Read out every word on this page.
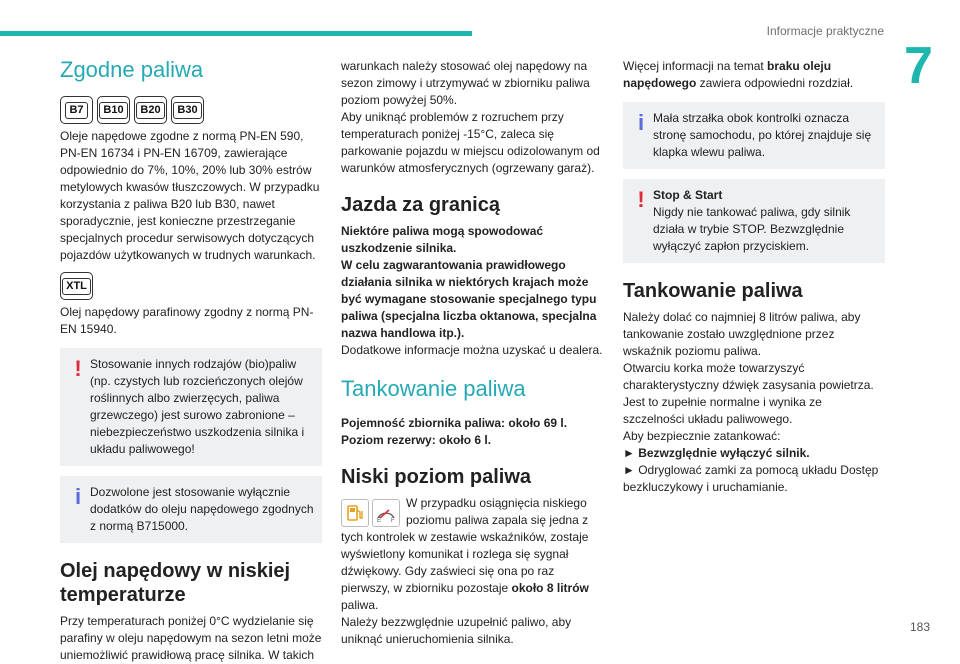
Informacje praktyczne
7
Zgodne paliwa
B7	B10	B20	B30

Oleje napędowe zgodne z normą PN-EN 590, PN-EN 16734 i PN-EN 16709, zawierające odpowiednio do 7%, 10%, 20% lub 30% estrów metylowych kwasów tłuszczowych. W przypadku korzystania z paliwa B20 lub B30, nawet sporadycznie, jest konieczne przestrzeganie specjalnych procedur serwisowych dotyczących pojazdów użytkowanych w trudnych warunkach.

XTL

Olej napędowy parafinowy zgodny z normą PN-EN 15940.

! Stosowanie innych rodzajów (bio)paliw (np. czystych lub rozcieńczonych olejów roślinnych albo zwierzęcych, paliwa grzewczego) jest surowo zabronione – niebezpieczeństwo uszkodzenia silnika i układu paliwowego!

i Dozwolone jest stosowanie wyłącznie dodatków do oleju napędowego zgodnych z normą B715000.

Olej napędowy w niskiej temperaturze

Przy temperaturach poniżej 0°C wydzielanie się parafiny w oleju napędowym na sezon letni może uniemożliwić prawidłową pracę silnika. W takich

warunkach należy stosować olej napędowy na sezon zimowy i utrzymywać w zbiorniku paliwa poziom powyżej 50%.

Aby uniknąć problemów z rozruchem przy temperaturach poniżej -15°C, zaleca się parkowanie pojazdu w miejscu odizolowanym od warunków atmosferycznych (ogrzewany garaż).

Jazda za granicą

Niektóre paliwa mogą spowodować uszkodzenie silnika.

W celu zagwarantowania prawidłowego działania silnika w niektórych krajach może być wymagane stosowanie specjalnego typu paliwa (specjalna liczba oktanowa, specjalna nazwa handlowa itp.).

Dodatkowe informacje można uzyskać u dealera.

Tankowanie paliwa

Pojemność zbiornika paliwa: około 69 l.

Poziom rezerwy: około 6 l.

Niski poziom paliwa
E F

W przypadku osiągnięcia niskiego poziomu paliwa zapala się jedna z tych kontrolek w zestawie wskaźników, zostaje wyświetlony komunikat i rozlega się sygnał dźwiękowy. Gdy zaświeci się ona po raz pierwszy, w zbiorniku pozostaje około 8 litrów paliwa.

Należy bezzwględnie uzupełnić paliwo, aby uniknąć unieruchomienia silnika.

Więcej informacji na temat braku oleju napędowego zawiera odpowiedni rozdział.

i Mała strzałka obok kontrolki oznacza stronę samochodu, po której znajduje się klapka wlewu paliwa.

! Stop & Start

Nigdy nie tankować paliwa, gdy silnik działa w trybie STOP. Bezwzględnie wyłączyć zapłon przyciskiem.

Tankowanie paliwa

Należy dolać co najmniej 8 litrów paliwa, aby tankowanie zostało uwzględnione przez wskaźnik poziomu paliwa.

Otwarciu korka może towarzyszyć charakterystyczny dźwięk zasysania powietrza. Jest to zupełnie normalne i wynika ze szczelności układu paliwowego.

Aby bezpiecznie zatankować:

► Bezwzględnie wyłączyć silnik.

► Odryglować zamki za pomocą układu Dostęp bezkluczykowy i uruchamianie.

183
